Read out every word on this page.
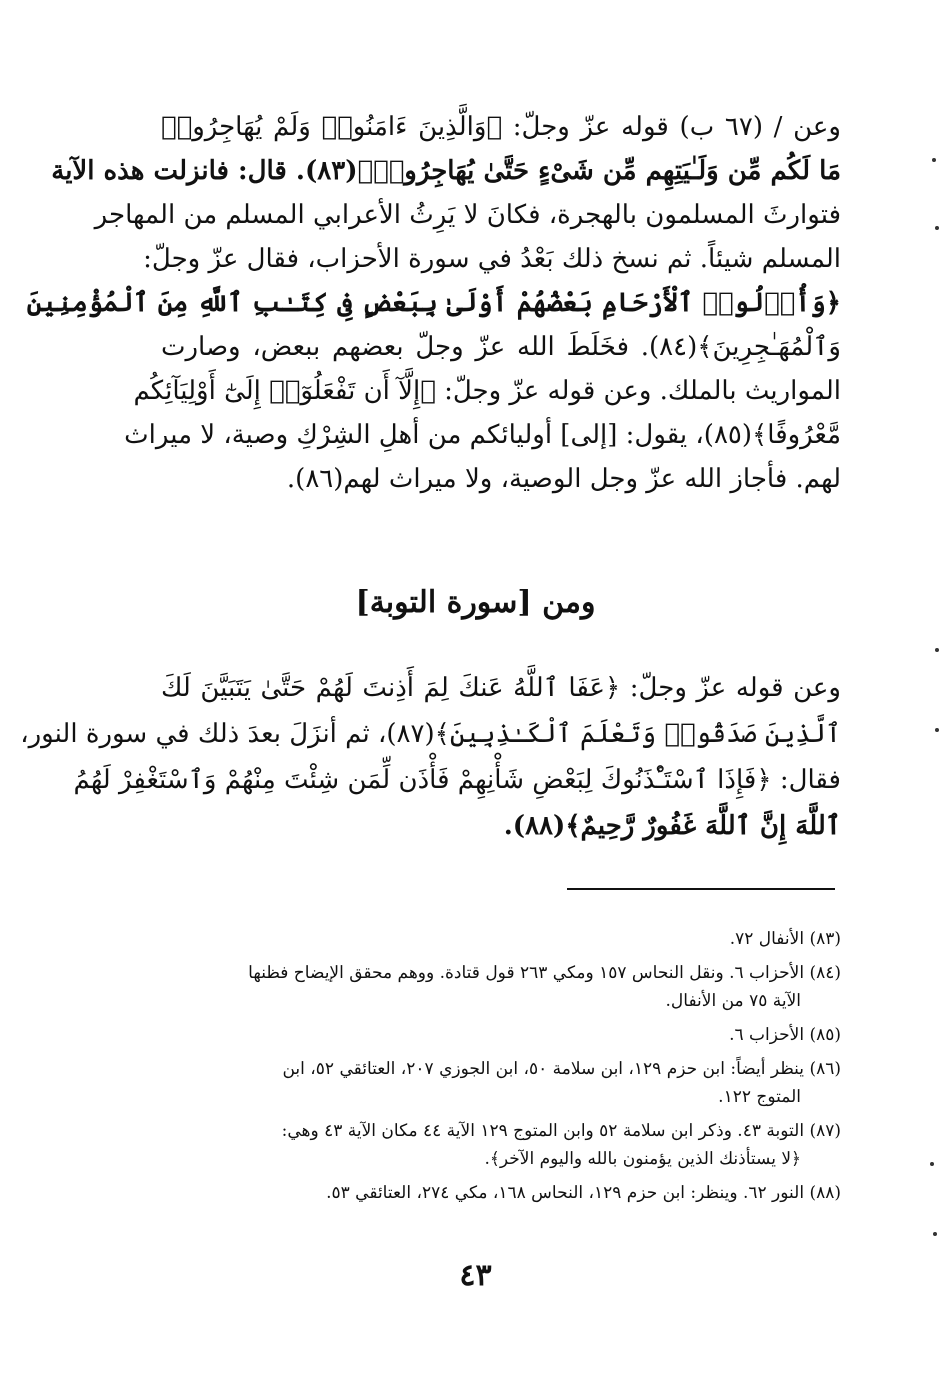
وعن / (٦٧ ب) قوله عزّ وجلّ: ﴿وَالَّذِينَ ءَامَنُوا۟ وَلَمْ يُهَاجِرُوا۟
مَا لَكُم مِّن وَلَـٰيَتِهِم مِّن شَىْءٍ حَتَّىٰ يُهَاجِرُوا۟﴾(٨٣). قال: فانزلت هذه الآية
فتوارثَ المسلمون بالهجرة، فكانَ لا يَرِثُ الأعرابي المسلم من المهاجر
المسلم شيئاً. ثم نسخ ذلك بَعْدُ في سورة الأحزاب، فقال عزّ وجلّ:
﴿وَأُو۟لُوا۟ ٱلْأَرْحَامِ بَعْضُهُمْ أَوْلَىٰ بِبَعْضٍ فِى كِتَـٰبِ ٱللَّهِ مِنَ ٱلْمُؤْمِنِينَ
وَٱلْمُهَـٰجِرِينَ﴾(٨٤). فخَلَطَ الله عزّ وجلّ بعضهم ببعض، وصارت
المواريث بالملك. وعن قوله عزّ وجلّ: ﴿إِلَّآ أَن تَفْعَلُوٓا۟ إِلَىٰٓ أَوْلِيَآئِكُم
مَّعْرُوفًا﴾(٨٥)، يقول: [إلى] أوليائكم من أهلِ الشِرْكِ وصية، لا ميراث
لهم. فأجاز الله عزّ وجل الوصية، ولا ميراث لهم(٨٦).
ومن [سورة التوبة]
وعن قوله عزّ وجلّ: ﴿عَفَا ٱللَّهُ عَنكَ لِمَ أَذِنتَ لَهُمْ حَتَّىٰ يَتَبَيَّنَ لَكَ
ٱلَّذِينَ صَدَقُوا۟ وَتَعْلَمَ ٱلْكَـٰذِبِينَ﴾(٨٧)، ثم أنزَلَ بعدَ ذلك في سورة النور،
فقال: ﴿فَإِذَا ٱسْتَـْٔذَنُوكَ لِبَعْضِ شَأْنِهِمْ فَأْذَن لِّمَن شِئْتَ مِنْهُمْ وَٱسْتَغْفِرْ لَهُمُ
ٱللَّهَ إِنَّ ٱللَّهَ غَفُورٌ رَّحِيمٌ﴾(٨٨).
(٨٣) الأنفال ٧٢.
(٨٤) الأحزاب ٦. ونقل النحاس ١٥٧ ومكي ٢٦٣ قول قتادة. ووهم محقق الإيضاح فظنها
الآية ٧٥ من الأنفال.
(٨٥) الأحزاب ٦.
(٨٦) ينظر أيضاً: ابن حزم ١٢٩، ابن سلامة ٥٠، ابن الجوزي ٢٠٧، العتائقي ٥٢، ابن
المتوج ١٢٢.
(٨٧) التوبة ٤٣. وذكر ابن سلامة ٥٢ وابن المتوج ١٢٩ الآية ٤٤ مكان الآية ٤٣ وهي:
﴿لا يستأذنك الذين يؤمنون بالله واليوم الآخر﴾.
(٨٨) النور ٦٢. وينظر: ابن حزم ١٢٩، النحاس ١٦٨، مكي ٢٧٤، العتائقي ٥٣.
٤٣
